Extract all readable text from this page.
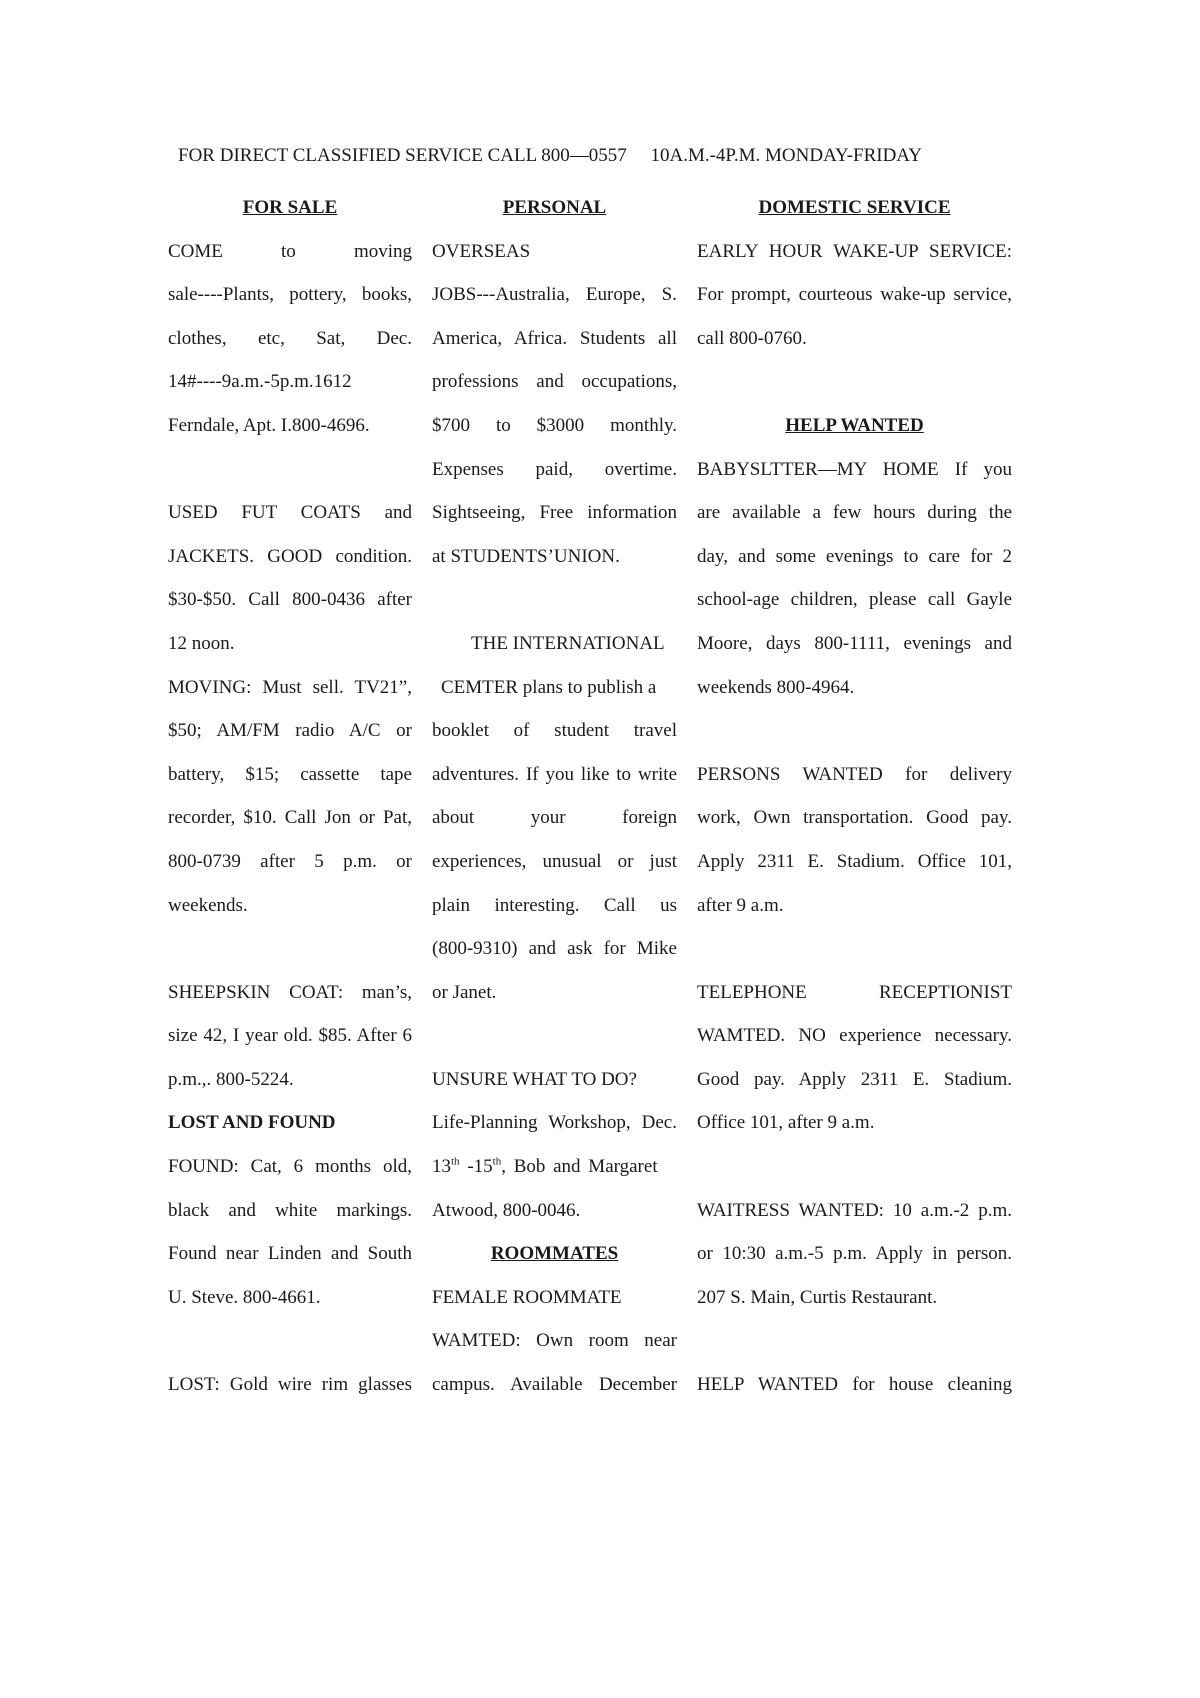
FOR DIRECT CLASSIFIED SERVICE CALL 800—0557     10A.M.-4P.M. MONDAY-FRIDAY
FOR SALE
COME to moving
sale----Plants, pottery, books,
clothes, etc, Sat, Dec.
14#----9a.m.-5p.m.1612
Ferndale, Apt. I.800-4696.
USED FUT COATS and
JACKETS. GOOD condition.
$30-$50. Call 800-0436 after
12 noon.
MOVING: Must sell. TV21”,
$50; AM/FM radio A/C or
battery, $15; cassette tape
recorder, $10. Call Jon or Pat,
800-0739 after 5 p.m. or
weekends.
SHEEPSKIN COAT: man’s,
size 42, I year old. $85. After 6
p.m.,. 800-5224.
LOST AND FOUND
FOUND: Cat, 6 months old,
black and white markings.
Found near Linden and South
U. Steve. 800-4661.
LOST: Gold wire rim glasses
PERSONAL
OVERSEAS
JOBS---Australia, Europe, S.
America, Africa. Students all
professions and occupations,
$700 to $3000 monthly.
Expenses paid, overtime.
Sightseeing, Free information
at STUDENTS’UNION.
THE INTERNATIONAL
CEMTER plans to publish a
booklet of student travel
adventures. If you like to write
about your foreign
experiences, unusual or just
plain interesting. Call us
(800-9310) and ask for Mike
or Janet.
UNSURE WHAT TO DO?
Life-Planning Workshop, Dec.
13th -15th, Bob and Margaret
Atwood, 800-0046.
ROOMMATES
FEMALE ROOMMATE
WAMTED: Own room near
campus. Available December
DOMESTIC SERVICE
EARLY HOUR WAKE-UP SERVICE:
For prompt, courteous wake-up service,
call 800-0760.
HELP WANTED
BABYSLTTER—MY HOME If you
are available a few hours during the
day, and some evenings to care for 2
school-age children, please call Gayle
Moore, days 800-1111, evenings and
weekends 800-4964.
PERSONS WANTED for delivery
work, Own transportation. Good pay.
Apply 2311 E. Stadium. Office 101,
after 9 a.m.
TELEPHONE RECEPTIONIST
WAMTED. NO experience necessary.
Good pay. Apply 2311 E. Stadium.
Office 101, after 9 a.m.
WAITRESS WANTED: 10 a.m.-2 p.m.
or 10:30 a.m.-5 p.m. Apply in person.
207 S. Main, Curtis Restaurant.
HELP WANTED for house cleaning
